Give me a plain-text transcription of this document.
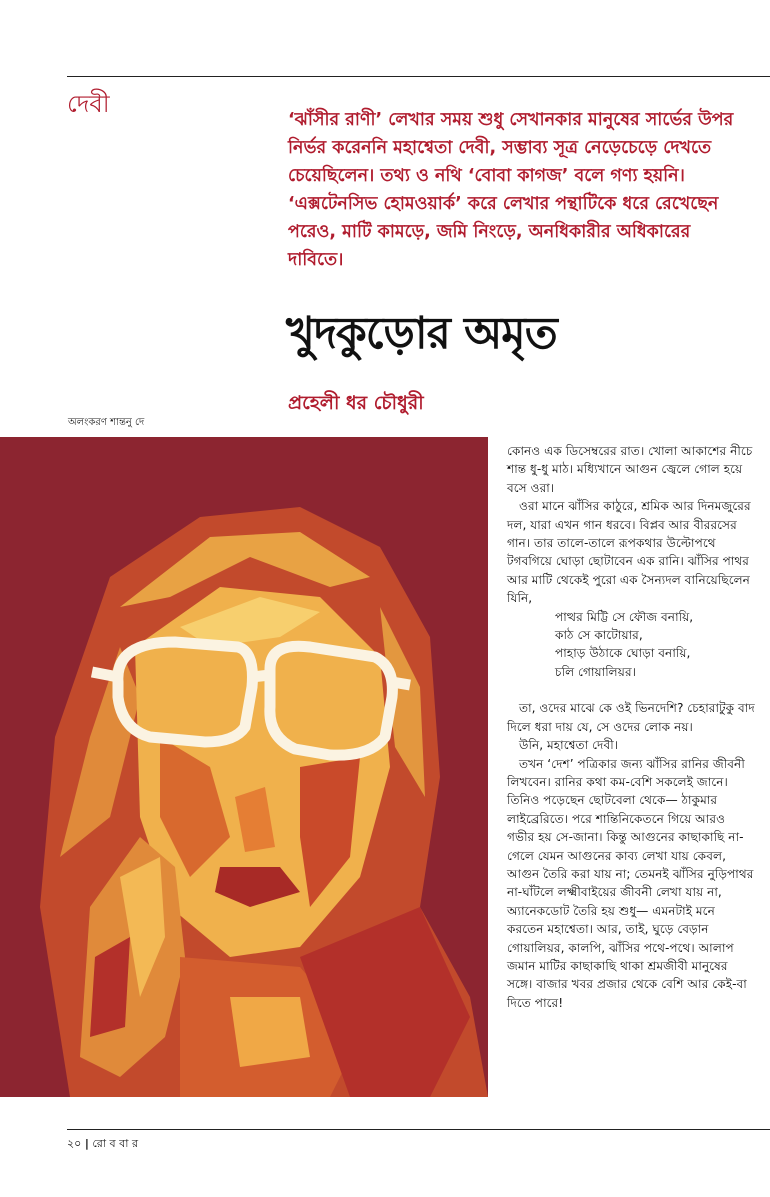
দেবী
‘ঝাঁসীর রাণী’ লেখার সময় শুধু সেখানকার মানুষের সার্ভের উপর নির্ভর করেননি মহাশ্বেতা দেবী, সম্ভাব্য সূত্র নেড়েচেড়ে দেখতে চেয়েছিলেন। তথ্য ও নথি ‘বোবা কাগজ’ বলে গণ্য হয়নি। ‘এক্সটেনসিভ হোমওয়ার্ক’ করে লেখার পন্থাটিকে ধরে রেখেছেন পরেও, মাটি কামড়ে, জমি নিংড়ে, অনধিকারীর অধিকারের দাবিতে।
খুদকুড়োর অমৃত
প্রহেলী ধর চৌধুরী
অলংকরণ শান্তনু দে

কোনও এক ডিসেম্বরের রাত। খোলা আকাশের নীচে শান্ত ধু-ধু মাঠ। মধ্যিখানে আগুন জ্বেলে গোল হয়ে বসে ওরা।

ওরা মানে ঝাঁসির কাঠুরে, শ্রমিক আর দিনমজুরের দল, যারা এখন গান ধরবে। বিপ্লব আর বীররসের গান। তার তালে-তালে রূপকথার উল্টোপথে টগবগিয়ে ঘোড়া ছোটাবেন এক রানি। ঝাঁসির পাথর আর মাটি থেকেই পুরো এক সৈন্যদল বানিয়েছিলেন যিনি,

পাত্থর মিট্টি সে ফৌজ বনায়ি,
কাঠ সে কাটোয়ার,
পাহাড় উঠাকে ঘোড়া বনায়ি,
চলি গোয়ালিয়র।

তা, ওদের মাঝে কে ওই ভিনদেশি? চেহারাটুকু বাদ দিলে ধরা দায় যে, সে ওদের লোক নয়।

উনি, মহাশ্বেতা দেবী।

তখন ‘দেশ’ পত্রিকার জন্য ঝাঁসির রানির জীবনী লিখবেন। রানির কথা কম-বেশি সকলেই জানে। তিনিও পড়েছেন ছোটবেলা থেকে— ঠাকুমার লাইব্রেরিতে। পরে শান্তিনিকেতনে গিয়ে আরও গভীর হয় সে-জানা। কিন্তু আগুনের কাছাকাছি না-গেলে যেমন আগুনের কাব্য লেখা যায় কেবল, আগুন তৈরি করা যায় না; তেমনই ঝাঁসির নুড়িপাথর না-ঘাঁটলে লক্ষ্মীবাইয়ের জীবনী লেখা যায় না, অ্যানেকডোট তৈরি হয় শুধু— এমনটাই মনে করতেন মহাশ্বেতা। আর, তাই, ঘুড়ে বেড়ান গোয়ালিয়র, কালপি, ঝাঁসির পথে-পথে। আলাপ জমান মাটির কাছাকাছি থাকা শ্রমজীবী মানুষের সঙ্গে। বাজার খবর প্রজার থেকে বেশি আর কেই-বা দিতে পারে!

২০ | রো ব বা র
